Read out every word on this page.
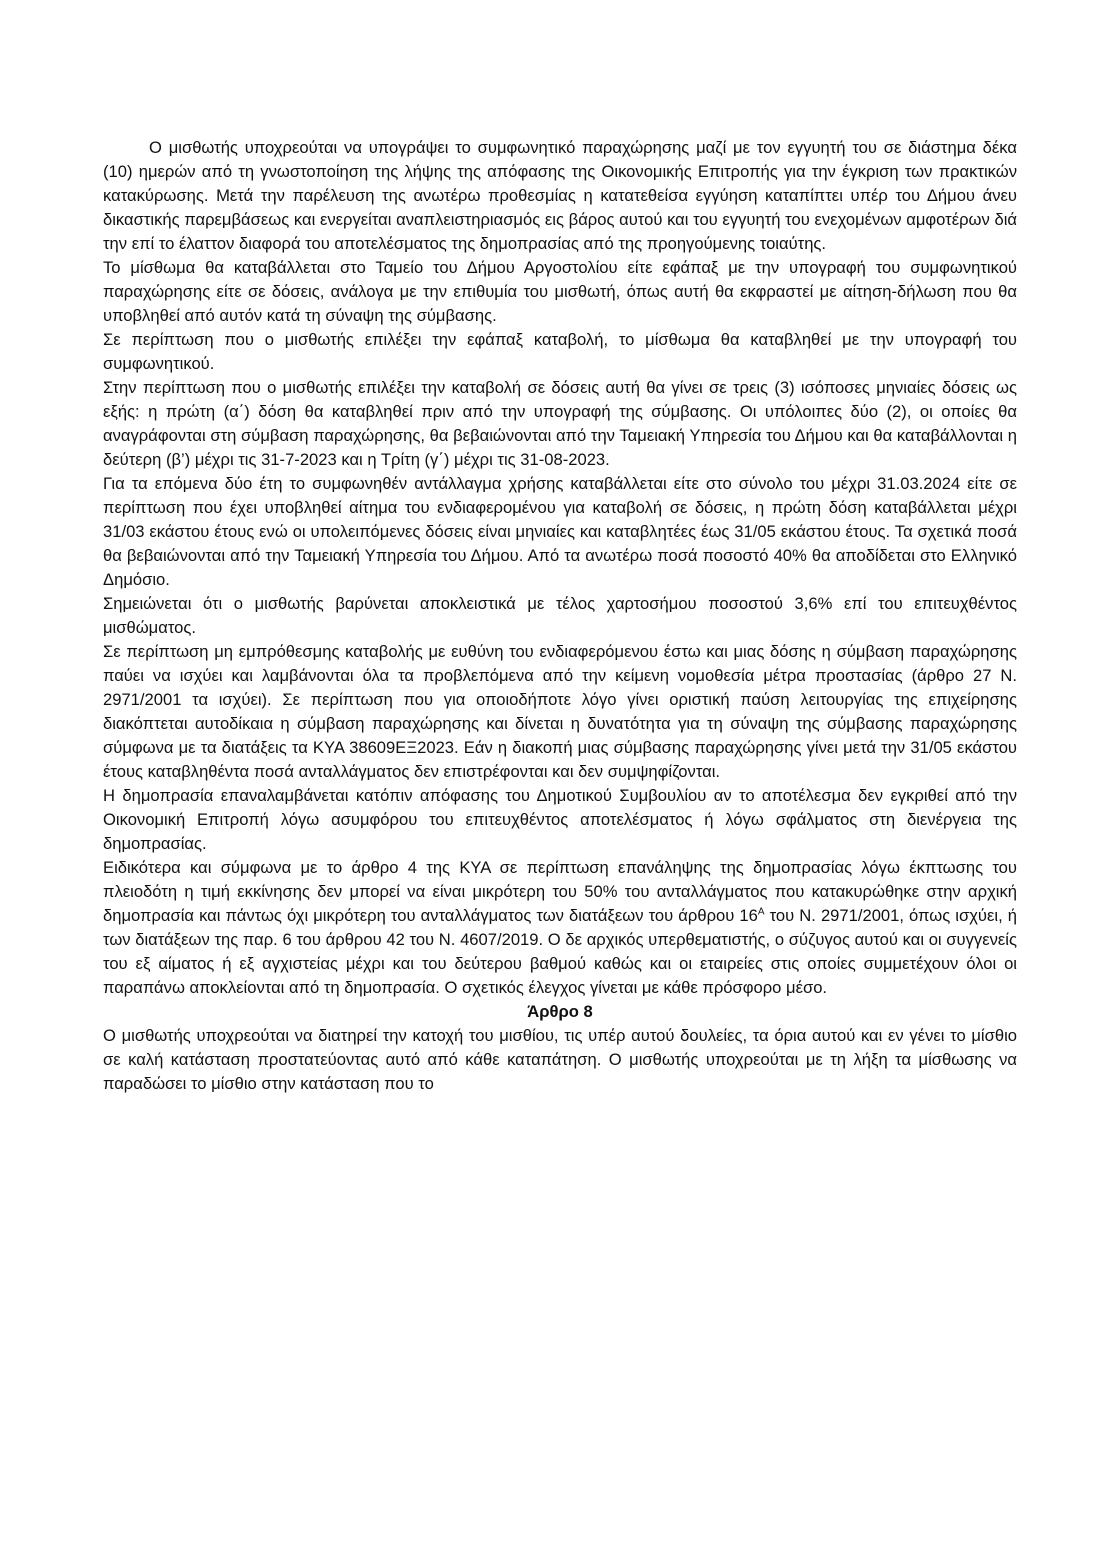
Ο μισθωτής υποχρεούται να υπογράψει το συμφωνητικό παραχώρησης μαζί με τον εγγυητή του σε διάστημα δέκα (10) ημερών από τη γνωστοποίηση της λήψης της απόφασης της Οικονομικής Επιτροπής για την έγκριση των πρακτικών κατακύρωσης. Μετά την παρέλευση της ανωτέρω προθεσμίας η κατατεθείσα εγγύηση καταπίπτει υπέρ του Δήμου άνευ δικαστικής παρεμβάσεως και ενεργείται αναπλειστηριασμός εις βάρος αυτού και του εγγυητή του ενεχομένων αμφοτέρων διά την επί το έλαττον διαφορά του αποτελέσματος της δημοπρασίας από της προηγούμενης τοιαύτης.

Το μίσθωμα θα καταβάλλεται στο Ταμείο του Δήμου Αργοστολίου είτε εφάπαξ με την υπογραφή του συμφωνητικού παραχώρησης είτε σε δόσεις, ανάλογα με την επιθυμία του μισθωτή, όπως αυτή θα εκφραστεί με αίτηση-δήλωση που θα υποβληθεί από αυτόν κατά τη σύναψη της σύμβασης.

Σε περίπτωση που ο μισθωτής επιλέξει την εφάπαξ καταβολή, το μίσθωμα θα καταβληθεί με την υπογραφή του συμφωνητικού.

Στην περίπτωση που ο μισθωτής επιλέξει την καταβολή σε δόσεις αυτή θα γίνει σε τρεις (3) ισόποσες μηνιαίες δόσεις ως εξής: η πρώτη (α΄) δόση θα καταβληθεί πριν από την υπογραφή της σύμβασης. Οι υπόλοιπες δύο (2), οι οποίες θα αναγράφονται στη σύμβαση παραχώρησης, θα βεβαιώνονται από την Ταμειακή Υπηρεσία του Δήμου και θα καταβάλλονται η δεύτερη (β’) μέχρι τις 31-7-2023 και η Τρίτη (γ΄) μέχρι τις 31-08-2023.

Για τα επόμενα δύο έτη το συμφωνηθέν αντάλλαγμα χρήσης καταβάλλεται είτε στο σύνολο του μέχρι 31.03.2024 είτε σε περίπτωση που έχει υποβληθεί αίτημα του ενδιαφερομένου για καταβολή σε δόσεις, η πρώτη δόση καταβάλλεται μέχρι 31/03 εκάστου έτους ενώ οι υπολειπόμενες δόσεις είναι μηνιαίες και καταβλητέες έως 31/05 εκάστου έτους. Τα σχετικά ποσά θα βεβαιώνονται από την Ταμειακή Υπηρεσία του Δήμου. Από τα ανωτέρω ποσά ποσοστό 40% θα αποδίδεται στο Ελληνικό Δημόσιο.

Σημειώνεται ότι ο μισθωτής βαρύνεται αποκλειστικά με τέλος χαρτοσήμου ποσοστού 3,6% επί του επιτευχθέντος μισθώματος.

Σε περίπτωση μη εμπρόθεσμης καταβολής με ευθύνη του ενδιαφερόμενου έστω και μιας δόσης η σύμβαση παραχώρησης παύει να ισχύει και λαμβάνονται όλα τα προβλεπόμενα από την κείμενη νομοθεσία μέτρα προστασίας (άρθρο 27 Ν. 2971/2001 τα ισχύει). Σε περίπτωση που για οποιοδήποτε λόγο γίνει οριστική παύση λειτουργίας της επιχείρησης διακόπτεται αυτοδίκαια η σύμβαση παραχώρησης και δίνεται η δυνατότητα για τη σύναψη της σύμβασης παραχώρησης σύμφωνα με τα διατάξεις τα ΚΥΑ 38609ΕΞ2023. Εάν η διακοπή μιας σύμβασης παραχώρησης γίνει μετά την 31/05 εκάστου έτους καταβληθέντα ποσά ανταλλάγματος δεν επιστρέφονται και δεν συμψηφίζονται.

Η δημοπρασία επαναλαμβάνεται κατόπιν απόφασης του Δημοτικού Συμβουλίου αν το αποτέλεσμα δεν εγκριθεί από την Οικονομική Επιτροπή λόγω ασυμφόρου του επιτευχθέντος αποτελέσματος ή λόγω σφάλματος στη διενέργεια της δημοπρασίας.

Ειδικότερα και σύμφωνα με το άρθρο 4 της ΚΥΑ σε περίπτωση επανάληψης της δημοπρασίας λόγω έκπτωσης του πλειοδότη η τιμή εκκίνησης δεν μπορεί να είναι μικρότερη του 50% του ανταλλάγματος που κατακυρώθηκε στην αρχική δημοπρασία και πάντως όχι μικρότερη του ανταλλάγματος των διατάξεων του άρθρου $16^A$ του Ν. 2971/2001, όπως ισχύει, ή των διατάξεων της παρ. 6 του άρθρου 42 του Ν. 4607/2019. Ο δε αρχικός υπερθεματιστής, ο σύζυγος αυτού και οι συγγενείς του εξ αίματος ή εξ αγχιστείας μέχρι και του δεύτερου βαθμού καθώς και οι εταιρείες στις οποίες συμμετέχουν όλοι οι παραπάνω αποκλείονται από τη δημοπρασία. Ο σχετικός έλεγχος γίνεται με κάθε πρόσφορο μέσο.

Άρθρο 8

Ο μισθωτής υποχρεούται να διατηρεί την κατοχή του μισθίου, τις υπέρ αυτού δουλείες, τα όρια αυτού και εν γένει το μίσθιο σε καλή κατάσταση προστατεύοντας αυτό από κάθε καταπάτηση. Ο μισθωτής υποχρεούται με τη λήξη τα μίσθωσης να παραδώσει το μίσθιο στην κατάσταση που το
